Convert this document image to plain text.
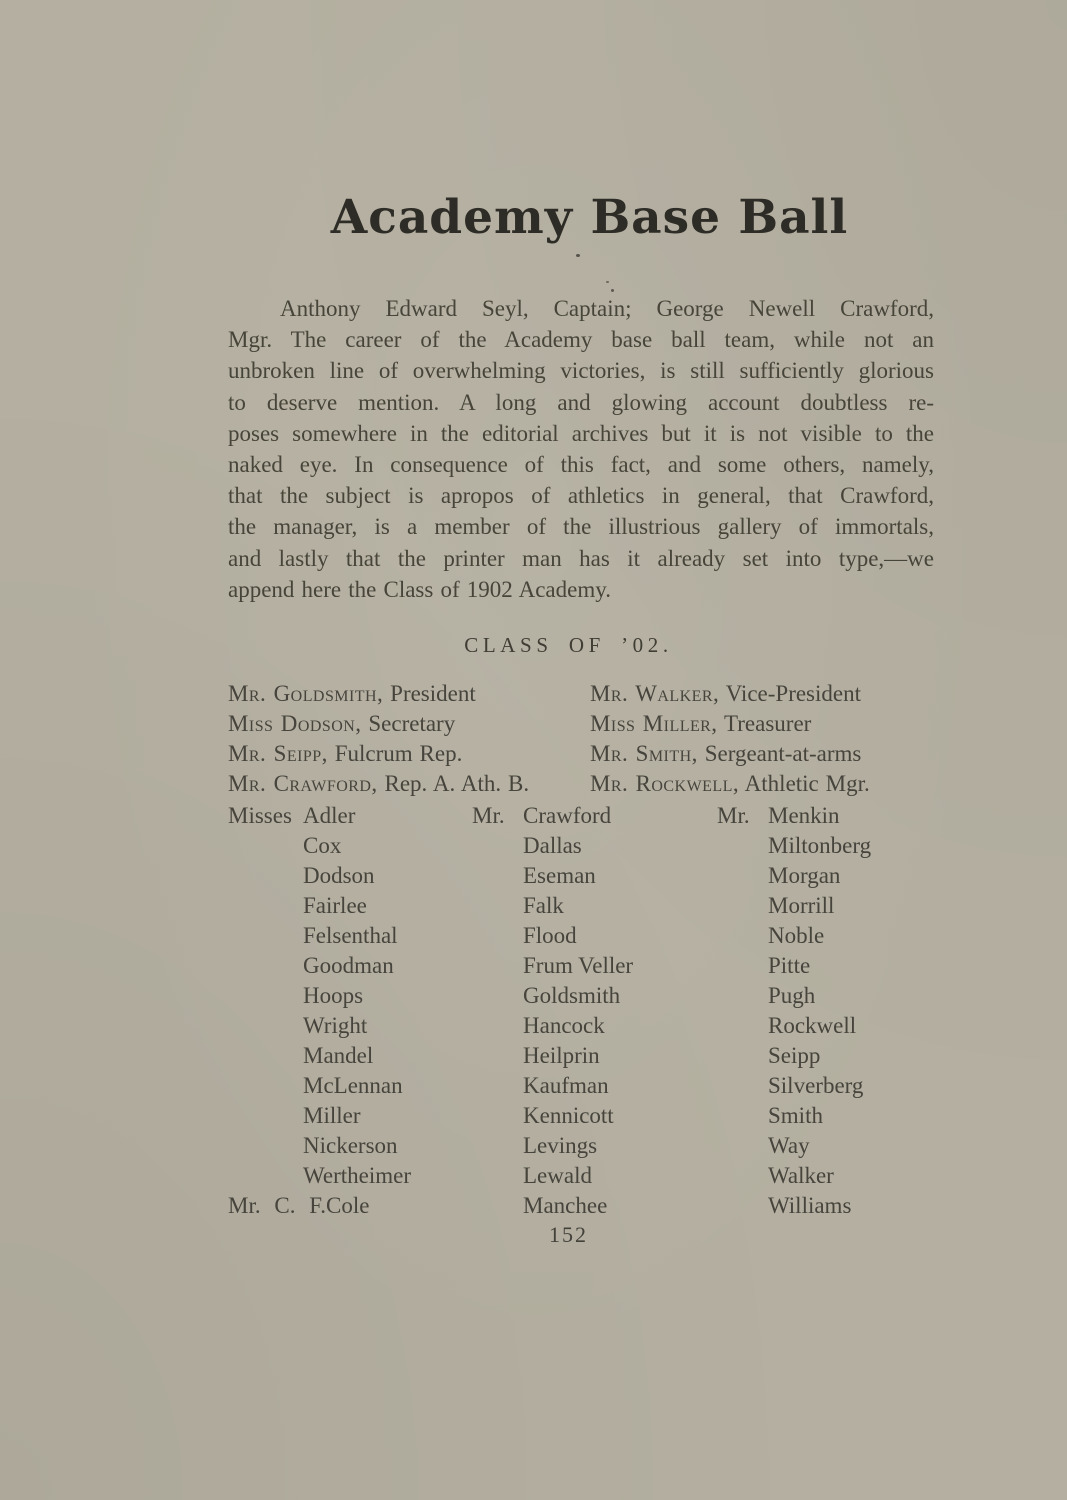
Academy Base Ball
Anthony Edward Seyl, Captain; George Newell Crawford,
Mgr. The career of the Academy base ball team, while not an
unbroken line of overwhelming victories, is still sufficiently glorious
to deserve mention. A long and glowing account doubtless re-
poses somewhere in the editorial archives but it is not visible to the
naked eye. In consequence of this fact, and some others, namely,
that the subject is apropos of athletics in general, that Crawford,
the manager, is a member of the illustrious gallery of immortals,
and lastly that the printer man has it already set into type,—we
append here the Class of 1902 Academy.
CLASS OF ’02.
Mr. Goldsmith, President
Miss Dodson, Secretary
Mr. Seipp, Fulcrum Rep.
Mr. Crawford, Rep. A. Ath. B.
Mr. Walker, Vice-President
Miss Miller, Treasurer
Mr. Smith, Sergeant-at-arms
Mr. Rockwell, Athletic Mgr.
Misses Adler
Cox
Dodson
Fairlee
Felsenthal
Goodman
Hoops
Wright
Mandel
McLennan
Miller
Nickerson
Wertheimer
Mr. C. F.Cole
Mr. Crawford
Dallas
Eseman
Falk
Flood
Frum Veller
Goldsmith
Hancock
Heilprin
Kaufman
Kennicott
Levings
Lewald
Manchee
Mr. Menkin
Miltonberg
Morgan
Morrill
Noble
Pitte
Pugh
Rockwell
Seipp
Silverberg
Smith
Way
Walker
Williams
152
